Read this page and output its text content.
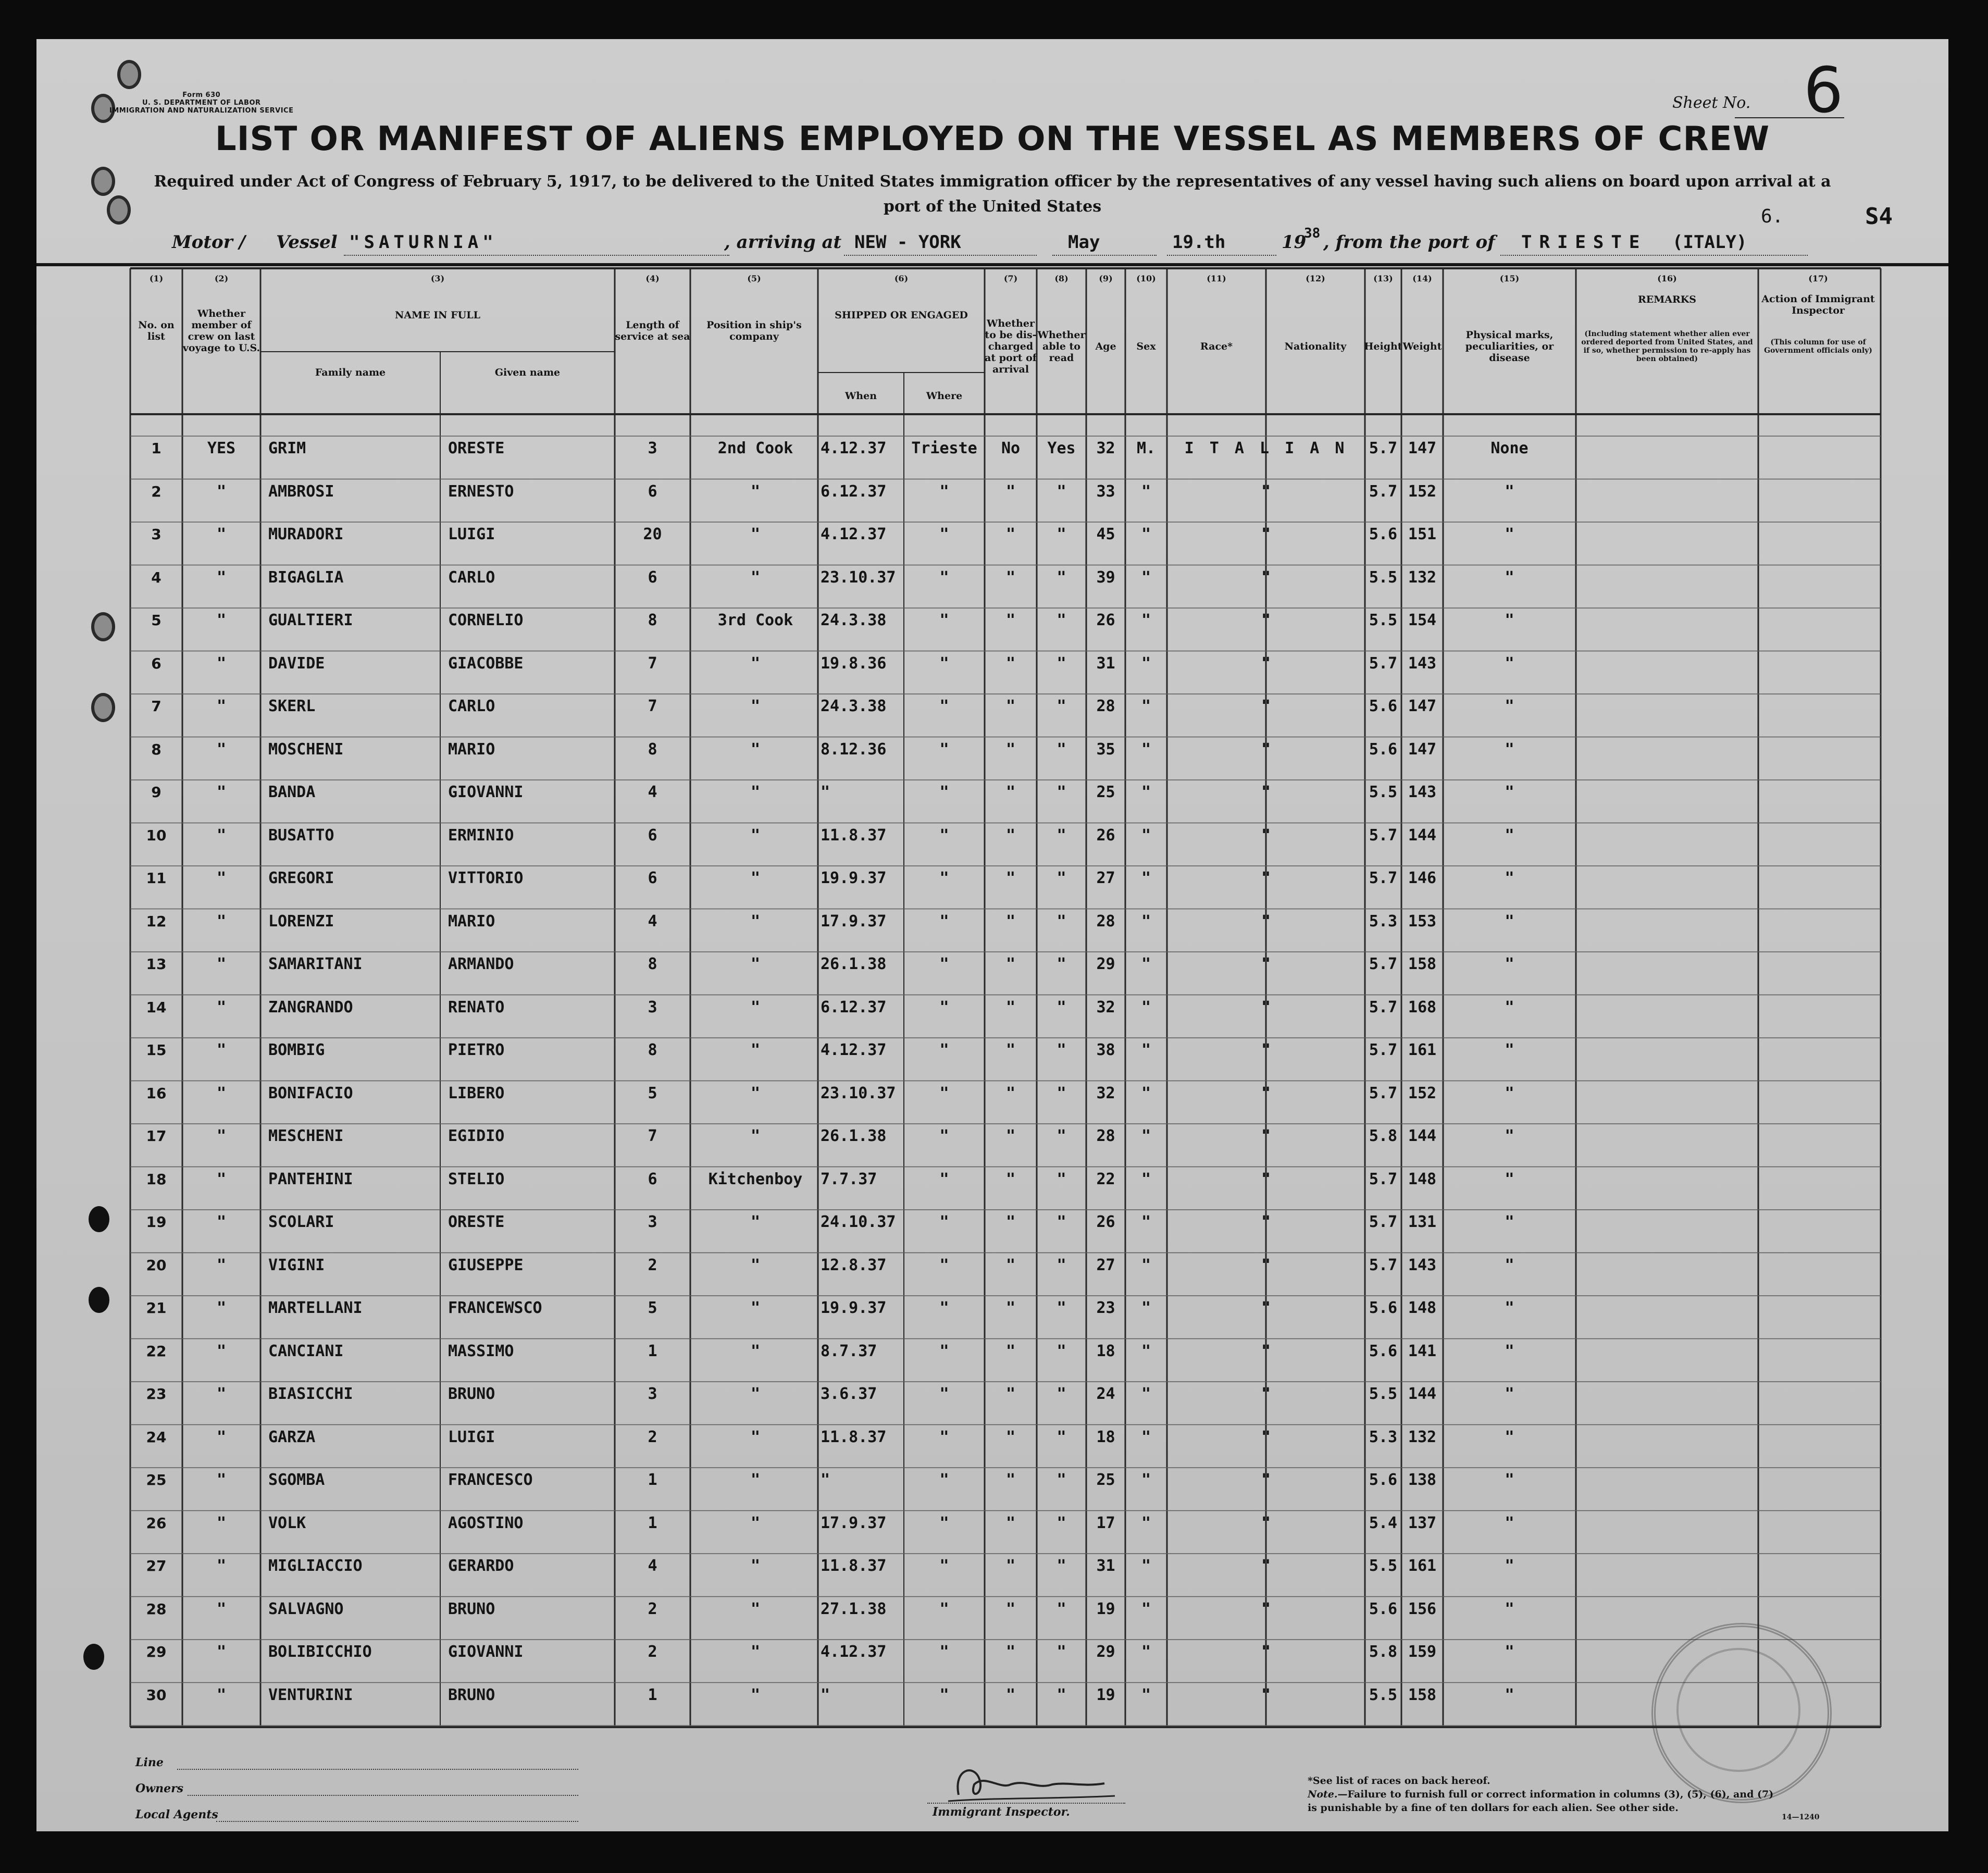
Form 630
U. S. DEPARTMENT OF LABOR
IMMIGRATION AND NATURALIZATION SERVICE	Sheet No. 6
LIST OR MANIFEST OF ALIENS EMPLOYED ON THE VESSEL AS MEMBERS OF CREW
Required under Act of Congress of February 5, 1917, to be delivered to the United States immigration officer by the representatives of any vessel having such aliens on board upon arrival at a port of the United States	6.	S4
Motor / Vessel "SATURNIA"	, arriving at NEW - YORK	May	19.th	19
38 , from the port of TRIESTE (ITALY)
(1)
No. on list
(2)
Whether member of crew on last voyage to U.S.
(3)
NAME IN FULL
Family name	Given name
(4)
Length of service at sea
(5)
Position in ship's company
(6)
SHIPPED OR ENGAGED
When	Where
(7)
Whether to be dis-charged at port of arrival
(8)
Whether able to read
(9)
Age
(10)
Sex
(11)
Race*
(12)
Nationality
(13)
Height
(14)
Weight
(15)
Physical marks, peculiarities, or disease
(16)
REMARKS
(Including statement whether alien ever ordered deported from United States, and if so, whether permission to re-apply has been obtained)
(17)
Action of Immigrant Inspector
(This column for use of Government officials only)
1	YES	GRIM	ORESTE	3	2nd Cook	4.12.37	Trieste	No	Yes	32	M.	I T A L I A N	5.7 147	None
2	"	AMBROSI	ERNESTO	6	"	6.12.37	"	"	"	33	"	"	5.7 152	"
3	"	MURADORI	LUIGI	20	"	4.12.37	"	"	"	45	"	"	5.6 151	"
4	"	BIGAGLIA	CARLO	6	"	23.10.37	"	"	"	39	"	"	5.5 132	"
5	"	GUALTIERI	CORNELIO	8	3rd Cook	24.3.38	"	"	"	26	"	"	5.5 154	"
6	"	DAVIDE	GIACOBBE	7	"	19.8.36	"	"	"	31	"	"	5.7 143	"
7	"	SKERL	CARLO	7	"	24.3.38	"	"	"	28	"	"	5.6 147	"
8	"	MOSCHENI	MARIO	8	"	8.12.36	"	"	"	35	"	"	5.6 147	"
9	"	BANDA	GIOVANNI	4	"	"	"	"	"	25	"	"	5.5 143	"
10	"	BUSATTO	ERMINIO	6	"	11.8.37	"	"	"	26	"	"	5.7 144	"
11	"	GREGORI	VITTORIO	6	"	19.9.37	"	"	"	27	"	"	5.7 146	"
12	"	LORENZI	MARIO	4	"	17.9.37	"	"	"	28	"	"	5.3 153	"
13	"	SAMARITANI	ARMANDO	8	"	26.1.38	"	"	"	29	"	"	5.7 158	"
14	"	ZANGRANDO	RENATO	3	"	6.12.37	"	"	"	32	"	"	5.7 168	"
15	"	BOMBIG	PIETRO	8	"	4.12.37	"	"	"	38	"	"	5.7 161	"
16	"	BONIFACIO	LIBERO	5	"	23.10.37	"	"	"	32	"	"	5.7 152	"
17	"	MESCHENI	EGIDIO	7	"	26.1.38	"	"	"	28	"	"	5.8 144	"
18	"	PANTEHINI	STELIO	6	Kitchenboy	7.7.37	"	"	"	22	"	"	5.7 148	"
19	"	SCOLARI	ORESTE	3	"	24.10.37	"	"	"	26	"	"	5.7 131	"
20	"	VIGINI	GIUSEPPE	2	"	12.8.37	"	"	"	27	"	"	5.7 143	"
21	"	MARTELLANI	FRANCEWSCO	5	"	19.9.37	"	"	"	23	"	"	5.6 148	"
22	"	CANCIANI	MASSIMO	1	"	8.7.37	"	"	"	18	"	"	5.6 141	"
23	"	BIASICCHI	BRUNO	3	"	3.6.37	"	"	"	24	"	"	5.5 144	"
24	"	GARZA	LUIGI	2	"	11.8.37	"	"	"	18	"	"	5.3 132	"
25	"	SGOMBA	FRANCESCO	1	"	"	"	"	"	25	"	"	5.6 138	"
26	"	VOLK	AGOSTINO	1	"	17.9.37	"	"	"	17	"	"	5.4 137	"
27	"	MIGLIACCIO	GERARDO	4	"	11.8.37	"	"	"	31	"	"	5.5 161	"
28	"	SALVAGNO	BRUNO	2	"	27.1.38	"	"	"	19	"	"	5.6 156	"
29	"	BOLIBICCHIO	GIOVANNI	2	"	4.12.37	"	"	"	29	"	"	5.8 159	"
30	"	VENTURINI	BRUNO	1	"	"	"	"	"	19	"	"	5.5 158	"
Line
Owners
Local Agents	Immigrant Inspector.
*See list of races on back hereof.
Note.—Failure to furnish full or correct information in columns (3), (5), (6), and (7) is punishable by a fine of ten dollars for each alien. See other side.
14—1240
